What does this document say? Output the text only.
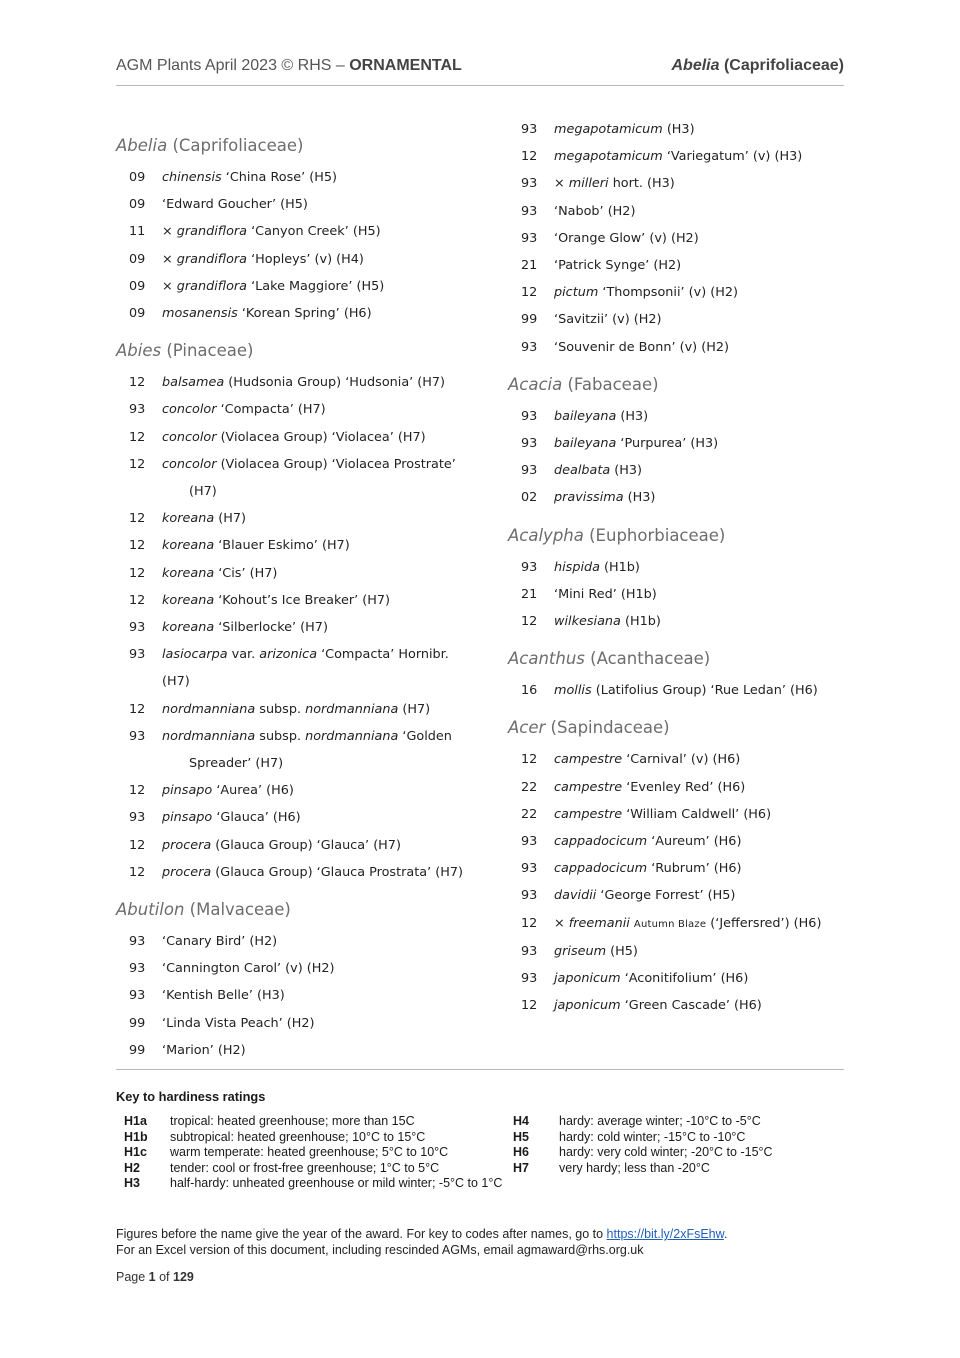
AGM Plants April 2023 © RHS – ORNAMENTAL	Abelia (Caprifoliaceae)
Abelia (Caprifoliaceae)
09	chinensis ‘China Rose’ (H5)
09	‘Edward Goucher’ (H5)
11	× grandiflora ‘Canyon Creek’ (H5)
09	× grandiflora ‘Hopleys’ (v) (H4)
09	× grandiflora ‘Lake Maggiore’ (H5)
09	mosanensis ‘Korean Spring’ (H6)
Abies (Pinaceae)
12	balsamea (Hudsonia Group) ‘Hudsonia’ (H7)
93	concolor ‘Compacta’ (H7)
12	concolor (Violacea Group) ‘Violacea’ (H7)
12	concolor (Violacea Group) ‘Violacea Prostrate’
(H7)
12	koreana (H7)
12	koreana ‘Blauer Eskimo’ (H7)
12	koreana ‘Cis’ (H7)
12	koreana ‘Kohout’s Ice Breaker’ (H7)
93	koreana ‘Silberlocke’ (H7)
93	lasiocarpa var. arizonica ‘Compacta’ Hornibr. (H7)
12	nordmanniana subsp. nordmanniana (H7)
93	nordmanniana subsp. nordmanniana ‘Golden
Spreader’ (H7)
12	pinsapo ‘Aurea’ (H6)
93	pinsapo ‘Glauca’ (H6)
12	procera (Glauca Group) ‘Glauca’ (H7)
12	procera (Glauca Group) ‘Glauca Prostrata’ (H7)
Abutilon (Malvaceae)
93	‘Canary Bird’ (H2)
93	‘Cannington Carol’ (v) (H2)
93	‘Kentish Belle’ (H3)
99	‘Linda Vista Peach’ (H2)
99	‘Marion’ (H2)
93	megapotamicum (H3)
12	megapotamicum ‘Variegatum’ (v) (H3)
93	× milleri hort. (H3)
93	‘Nabob’ (H2)
93	‘Orange Glow’ (v) (H2)
21	‘Patrick Synge’ (H2)
12	pictum ‘Thompsonii’ (v) (H2)
99	‘Savitzii’ (v) (H2)
93	‘Souvenir de Bonn’ (v) (H2)
Acacia (Fabaceae)
93	baileyana (H3)
93	baileyana ‘Purpurea’ (H3)
93	dealbata (H3)
02	pravissima (H3)
Acalypha (Euphorbiaceae)
93	hispida (H1b)
21	‘Mini Red’ (H1b)
12	wilkesiana (H1b)
Acanthus (Acanthaceae)
16	mollis (Latifolius Group) ‘Rue Ledan’ (H6)
Acer (Sapindaceae)
12	campestre ‘Carnival’ (v) (H6)
22	campestre ‘Evenley Red’ (H6)
22	campestre ‘William Caldwell’ (H6)
93	cappadocicum ‘Aureum’ (H6)
93	cappadocicum ‘Rubrum’ (H6)
93	davidii ‘George Forrest’ (H5)
12	× freemanii Autumn Blaze (‘Jeffersred’) (H6)
93	griseum (H5)
93	japonicum ‘Aconitifolium’ (H6)
12	japonicum ‘Green Cascade’ (H6)
Key to hardiness ratings
H1a	tropical: heated greenhouse; more than 15C
H1b	subtropical: heated greenhouse; 10°C to 15°C
H1c	warm temperate: heated greenhouse; 5°C to 10°C
H2	tender: cool or frost-free greenhouse; 1°C to 5°C
H3	half-hardy: unheated greenhouse or mild winter; -5°C to 1°C
H4	hardy: average winter; -10°C to -5°C
H5	hardy: cold winter; -15°C to -10°C
H6	hardy: very cold winter; -20°C to -15°C
H7	very hardy; less than -20°C
Figures before the name give the year of the award. For key to codes after names, go to https://bit.ly/2xFsEhw.
For an Excel version of this document, including rescinded AGMs, email agmaward@rhs.org.uk
Page 1 of 129
